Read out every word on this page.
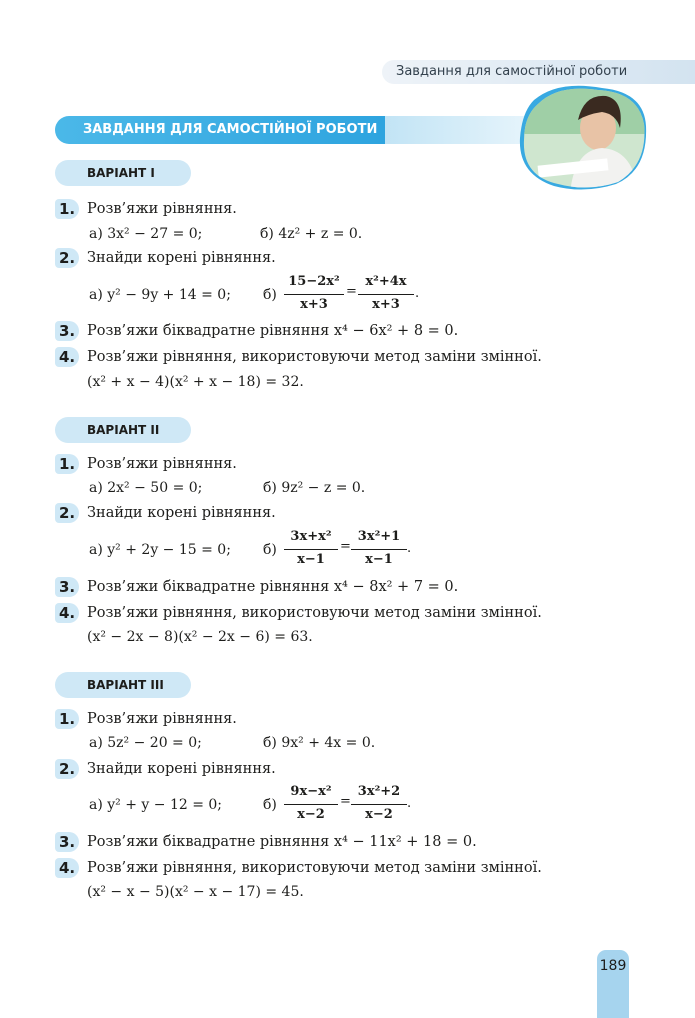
Завдання для самостійної роботи
ЗАВДАННЯ ДЛЯ САМОСТІЙНОЇ РОБОТИ
ВАРІАНТ І
1. Розв’яжи рівняння.
а) 3x² − 27 = 0;	б) 4z² + z = 0.
2. Знайди корені рівняння.
а) y² − 9y + 14 = 0; б)
15−2x²
x+3
=
x²+4x
x+3
.
3. Розв’яжи біквадратне рівняння x⁴ − 6x² + 8 = 0.
4. Розв’яжи рівняння, використовуючи метод заміни змінної.
(x² + x − 4)(x² + x − 18) = 32.
ВАРІАНТ ІІ
1. Розв’яжи рівняння.
а) 2x² − 50 = 0;	б) 9z² − z = 0.
2. Знайди корені рівняння.
а) y² + 2y − 15 = 0; б)
3x+x²
x−1
=
3x²+1
x−1
.
3. Розв’яжи біквадратне рівняння x⁴ − 8x² + 7 = 0.
4. Розв’яжи рівняння, використовуючи метод заміни змінної.
(x² − 2x − 8)(x² − 2x − 6) = 63.
ВАРІАНТ ІІІ
1. Розв’яжи рівняння.
а) 5z² − 20 = 0;	б) 9x² + 4x = 0.
2. Знайди корені рівняння.
а) y² + y − 12 = 0;	б)
9x−x²
x−2
=
3x²+2
x−2
.
3. Розв’яжи біквадратне рівняння x⁴ − 11x² + 18 = 0.
4. Розв’яжи рівняння, використовуючи метод заміни змінної.
(x² − x − 5)(x² − x − 17) = 45.
189
